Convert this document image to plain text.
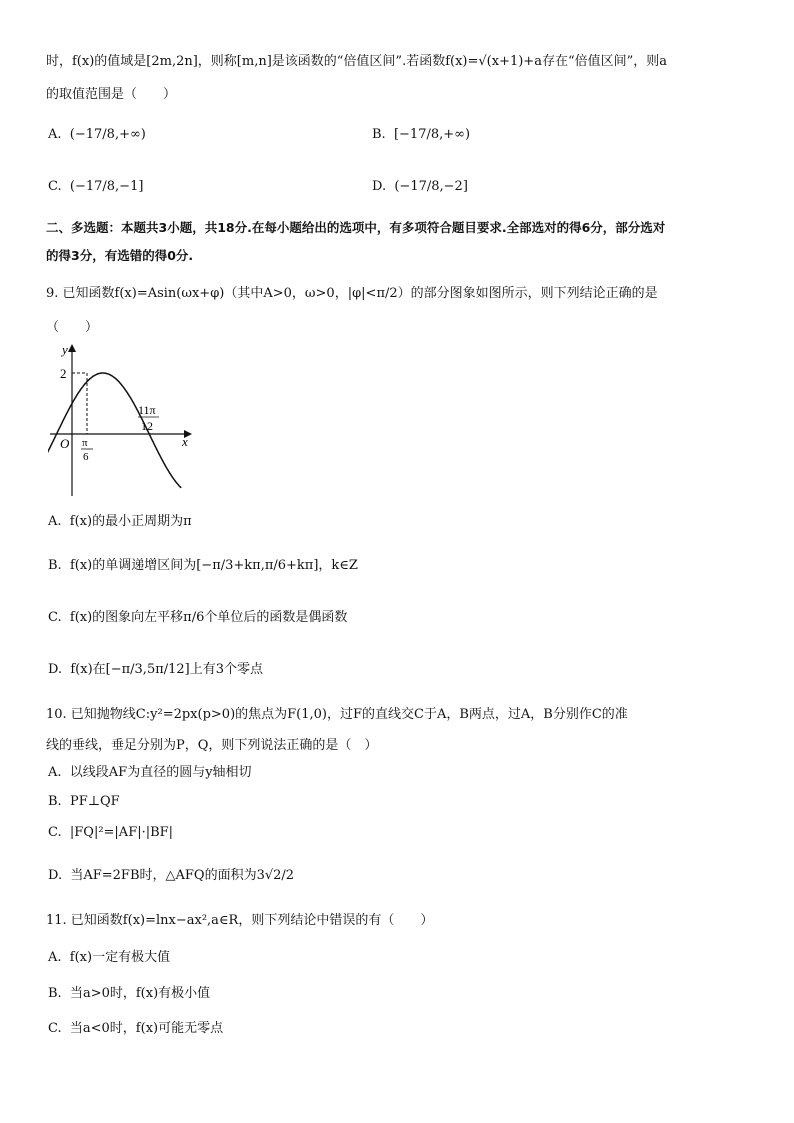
时，f(x)的值域是[2m,2n]，则称[m,n]是该函数的“倍值区间”.若函数f(x)=√(x+1)+a存在“倍值区间”，则a
的取值范围是（　　）
A. (−17/8,+∞)	B. [−17/8,+∞)
C. (−17/8,−1]	D. (−17/8,−2]
二、多选题：本题共3小题，共18分.在每小题给出的选项中，有多项符合题目要求.全部选对的得6分，部分选对
的得3分，有选错的得0分.
9. 已知函数f(x)=Asin(ωx+φ)（其中A>0，ω>0，|φ|<π/2）的部分图象如图所示，则下列结论正确的是
（　　）
y
x
O
2
π
6
11π
12
A. f(x)的最小正周期为π
B. f(x)的单调递增区间为[−π/3+kπ,π/6+kπ]，k∈Z
C. f(x)的图象向左平移π/6个单位后的函数是偶函数
D. f(x)在[−π/3,5π/12]上有3个零点
10. 已知抛物线C:y²=2px(p>0)的焦点为F(1,0)，过F的直线交C于A，B两点，过A，B分别作C的准
线的垂线，垂足分别为P，Q，则下列说法正确的是（　）
A. 以线段AF为直径的圆与y轴相切
B. PF⊥QF
C. |FQ|²=|AF|·|BF|
D. 当AF=2FB时，△AFQ的面积为3√2/2
11. 已知函数f(x)=lnx−ax²,a∈R，则下列结论中错误的有（　　）
A. f(x)一定有极大值
B. 当a>0时，f(x)有极小值
C. 当a<0时，f(x)可能无零点
